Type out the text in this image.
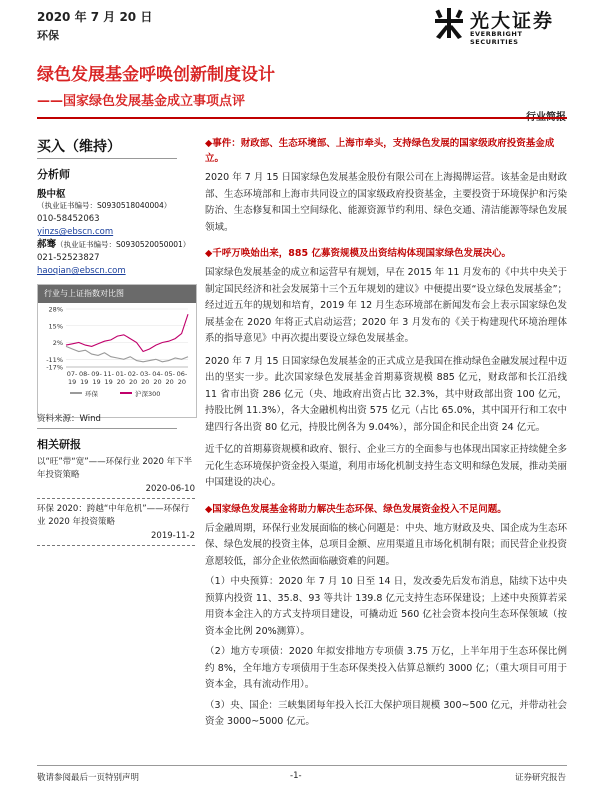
2020 年 7 月 20 日
环保
光大证券
EVERBRIGHT SECURITIES
绿色发展基金呼唤创新制度设计
——国家绿色发展基金成立事项点评
买入（维持）
分析师
殷中枢（执业证书编号：S0930518040004）
010-58452063
yinzs@ebscn.com
郝骞（执业证书编号：S0930520050001）
021-52523827
haoqian@ebscn.com
行业与上证指数对比图
28%
15%
2%
-11%
-17%
07-
19
08-
19
09-
19
11-
19
01-
20
02-
20
03-
20
04-
20
05-
20
06-
20
环保	沪深300
资料来源：Wind
相关研报
以“旺”带“宽”——环保行业 2020 年下半年投资策略
2020-06-10
环保 2020：跨越“中年危机”——环保行业 2020 年投资策略
2019-11-2
◆事件：财政部、生态环境部、上海市牵头，支持绿色发展的国家级政府投资基金成立。
2020 年 7 月 15 日国家绿色发展基金股份有限公司在上海揭牌运营。该基金是由财政部、生态环境部和上海市共同设立的国家级政府投资基金，主要投资于环境保护和污染防治、生态修复和国土空间绿化、能源资源节约利用、绿色交通、清洁能源等绿色发展领域。
◆千呼万唤始出来，885 亿募资规模及出资结构体现国家绿色发展决心。
国家绿色发展基金的成立和运营早有规划，早在 2015 年 11 月发布的《中共中央关于制定国民经济和社会发展第十三个五年规划的建议》中便提出要“设立绿色发展基金”；经过近五年的规划和培育，2019 年 12 月生态环境部在新闻发布会上表示国家绿色发展基金在 2020 年将正式启动运营；2020 年 3 月发布的《关于构建现代环境治理体系的指导意见》中再次提出要设立绿色发展基金。
2020 年 7 月 15 日国家绿色发展基金的正式成立是我国在推动绿色金融发展过程中迈出的坚实一步。此次国家绿色发展基金首期募资规模 885 亿元，财政部和长江沿线 11 省市出资 286 亿元（央、地政府出资占比 32.3%，其中财政部出资 100 亿元，持股比例 11.3%），各大金融机构出资 575 亿元（占比 65.0%，其中国开行和工农中建四行各出资 80 亿元，持股比例各为 9.04%），部分国企和民企出资 24 亿元。
近千亿的首期募资规模和政府、银行、企业三方的全面参与也体现出国家正持续健全多元化生态环境保护资金投入渠道，利用市场化机制支持生态文明和绿色发展，推动美丽中国建设的决心。
◆国家绿色发展基金将助力解决生态环保、绿色发展资金投入不足问题。
后金融周期，环保行业发展面临的核心问题是：中央、地方财政及央、国企成为生态环保、绿色发展的投资主体，总项目金额、应用渠道且市场化机制有限；而民营企业投资意愿较低，部分企业依然面临融资难的问题。
（1）中央预算：2020 年 7 月 10 日至 14 日，发改委先后发布消息，陆续下达中央预算内投资 11、35.8、93 等共计 139.8 亿元支持生态环保建设；上述中央预算若采用资本金注入的方式支持项目建设，可撬动近 560 亿社会资本投向生态环保领域（按资本金比例 20%测算）。
（2）地方专项债：2020 年拟安排地方专项债 3.75 万亿，上半年用于生态环保比例约 8%，全年地方专项债用于生态环保类投入估算总额约 3000 亿；（重大项目可用于资本金，具有流动作用）。
（3）央、国企：三峡集团每年投入长江大保护项目规模 300~500 亿元，并带动社会资金 3000~5000 亿元。
敬请参阅最后一页特别声明	-1-	证券研究报告
